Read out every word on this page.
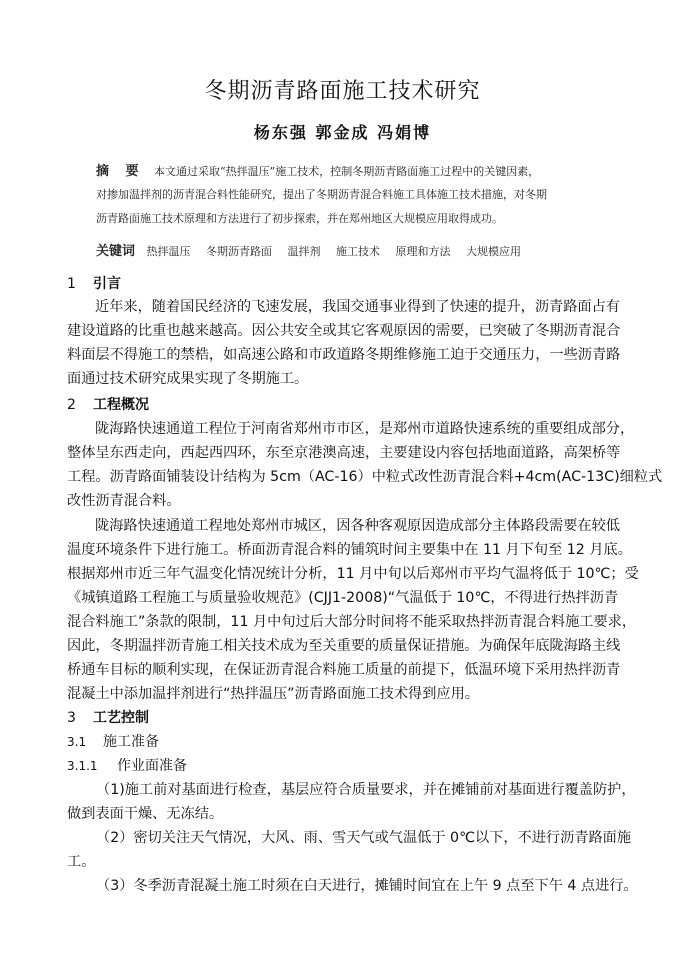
冬期沥青路面施工技术研究
杨东强 郭金成 冯娟博
摘 要 本文通过采取“热拌温压”施工技术，控制冬期沥青路面施工过程中的关键因素，
对掺加温拌剂的沥青混合料性能研究，提出了冬期沥青混合料施工具体施工技术措施，对冬期
沥青路面施工技术原理和方法进行了初步探索，并在郑州地区大规模应用取得成功。
关键词 热拌温压 冬期沥青路面 温拌剂 施工技术 原理和方法 大规模应用
1 引言
近年来，随着国民经济的飞速发展，我国交通事业得到了快速的提升，沥青路面占有
建设道路的比重也越来越高。因公共安全或其它客观原因的需要，已突破了冬期沥青混合
料面层不得施工的禁梏，如高速公路和市政道路冬期维修施工迫于交通压力，一些沥青路
面通过技术研究成果实现了冬期施工。
2 工程概况
陇海路快速通道工程位于河南省郑州市市区，是郑州市道路快速系统的重要组成部分，
整体呈东西走向，西起西四环，东至京港澳高速，主要建设内容包括地面道路，高架桥等
工程。沥青路面铺装设计结构为 5cm（AC-16）中粒式改性沥青混合料+4cm(AC-13C)细粒式
改性沥青混合料。
陇海路快速通道工程地处郑州市城区，因各种客观原因造成部分主体路段需要在较低
温度环境条件下进行施工。桥面沥青混合料的铺筑时间主要集中在 11 月下旬至 12 月底。
根据郑州市近三年气温变化情况统计分析，11 月中旬以后郑州市平均气温将低于 10℃；受
《城镇道路工程施工与质量验收规范》(CJJ1-2008)“气温低于 10℃，不得进行热拌沥青
混合料施工”条款的限制，11 月中旬过后大部分时间将不能采取热拌沥青混合料施工要求，
因此，冬期温拌沥青施工相关技术成为至关重要的质量保证措施。为确保年底陇海路主线
桥通车目标的顺利实现，在保证沥青混合料施工质量的前提下，低温环境下采用热拌沥青
混凝土中添加温拌剂进行“热拌温压”沥青路面施工技术得到应用。
3 工艺控制
3.1 施工准备
3.1.1 作业面准备
（1)施工前对基面进行检查，基层应符合质量要求，并在摊铺前对基面进行覆盖防护，
做到表面干燥、无冻结。
（2）密切关注天气情况，大风、雨、雪天气或气温低于 0℃以下，不进行沥青路面施
工。
（3）冬季沥青混凝土施工时须在白天进行，摊铺时间宜在上午 9 点至下午 4 点进行。
